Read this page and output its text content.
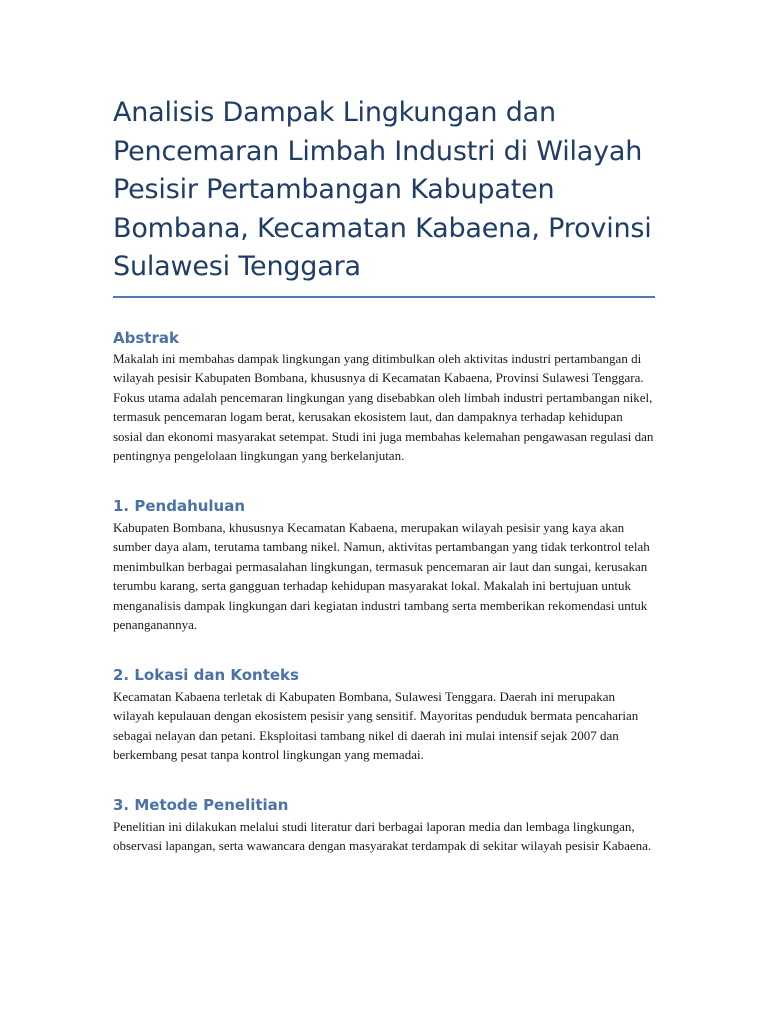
Analisis Dampak Lingkungan dan Pencemaran Limbah Industri di Wilayah Pesisir Pertambangan Kabupaten Bombana, Kecamatan Kabaena, Provinsi Sulawesi Tenggara
Abstrak

Makalah ini membahas dampak lingkungan yang ditimbulkan oleh aktivitas industri pertambangan di wilayah pesisir Kabupaten Bombana, khususnya di Kecamatan Kabaena, Provinsi Sulawesi Tenggara. Fokus utama adalah pencemaran lingkungan yang disebabkan oleh limbah industri pertambangan nikel, termasuk pencemaran logam berat, kerusakan ekosistem laut, dan dampaknya terhadap kehidupan sosial dan ekonomi masyarakat setempat. Studi ini juga membahas kelemahan pengawasan regulasi dan pentingnya pengelolaan lingkungan yang berkelanjutan.

1. Pendahuluan

Kabupaten Bombana, khususnya Kecamatan Kabaena, merupakan wilayah pesisir yang kaya akan sumber daya alam, terutama tambang nikel. Namun, aktivitas pertambangan yang tidak terkontrol telah menimbulkan berbagai permasalahan lingkungan, termasuk pencemaran air laut dan sungai, kerusakan terumbu karang, serta gangguan terhadap kehidupan masyarakat lokal. Makalah ini bertujuan untuk menganalisis dampak lingkungan dari kegiatan industri tambang serta memberikan rekomendasi untuk penanganannya.

2. Lokasi dan Konteks

Kecamatan Kabaena terletak di Kabupaten Bombana, Sulawesi Tenggara. Daerah ini merupakan wilayah kepulauan dengan ekosistem pesisir yang sensitif. Mayoritas penduduk bermata pencaharian sebagai nelayan dan petani. Eksploitasi tambang nikel di daerah ini mulai intensif sejak 2007 dan berkembang pesat tanpa kontrol lingkungan yang memadai.

3. Metode Penelitian

Penelitian ini dilakukan melalui studi literatur dari berbagai laporan media dan lembaga lingkungan, observasi lapangan, serta wawancara dengan masyarakat terdampak di sekitar wilayah pesisir Kabaena.
